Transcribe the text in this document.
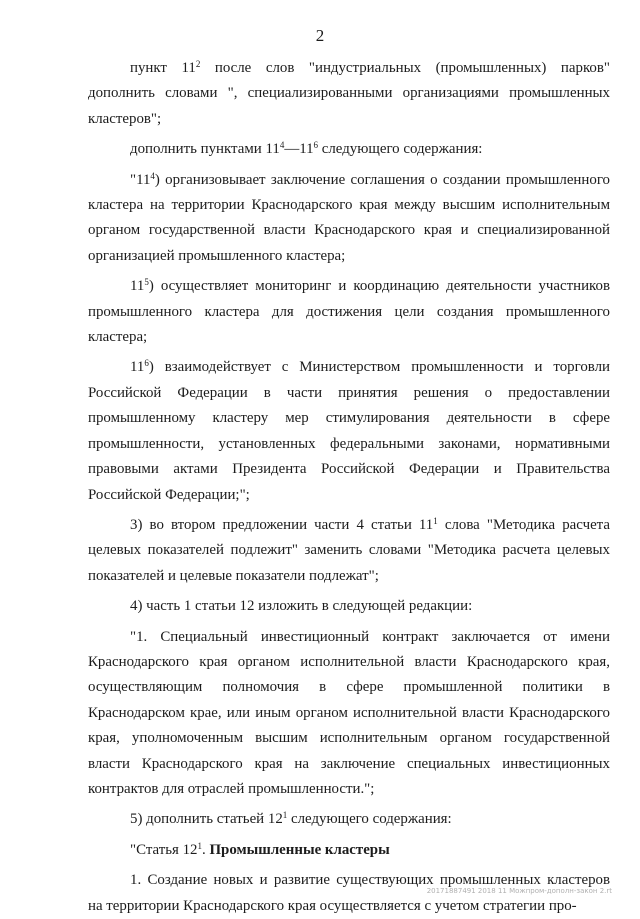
2

пункт $11^2$ после слов "индустриальных (промышленных) парков" дополнить словами ", специализированными организациями промышленных кластеров";

дополнить пунктами $11^4—11^6$ следующего содержания:

"$11^4$) организовывает заключение соглашения о создании промышленного кластера на территории Краснодарского края между высшим исполнительным органом государственной власти Краснодарского края и специализированной организацией промышленного кластера;

$11^5$) осуществляет мониторинг и координацию деятельности участников промышленного кластера для достижения цели создания промышленного кластера;

$11^6$) взаимодействует с Министерством промышленности и торговли Российской Федерации в части принятия решения о предоставлении промышленному кластеру мер стимулирования деятельности в сфере промышленности, установленных федеральными законами, нормативными правовыми актами Президента Российской Федерации и Правительства Российской Федерации;";

3) во втором предложении части 4 статьи $11^1$ слова "Методика расчета целевых показателей подлежит" заменить словами "Методика расчета целевых показателей и целевые показатели подлежат";

4) часть 1 статьи 12 изложить в следующей редакции:

"1. Специальный инвестиционный контракт заключается от имени Краснодарского края органом исполнительной власти Краснодарского края, осуществляющим полномочия в сфере промышленной политики в Краснодарском крае, или иным органом исполнительной власти Краснодарского края, уполномоченным высшим исполнительным органом государственной власти Краснодарского края на заключение специальных инвестиционных контрактов для отраслей промышленности.";

5) дополнить статьей $12^1$ следующего содержания:

"Статья $12^1$. Промышленные кластеры

1. Создание новых и развитие существующих промышленных кластеров на территории Краснодарского края осуществляется с учетом стратегии про-

20171887491 2018 11 Можпром-дополн-закон 2.rt
